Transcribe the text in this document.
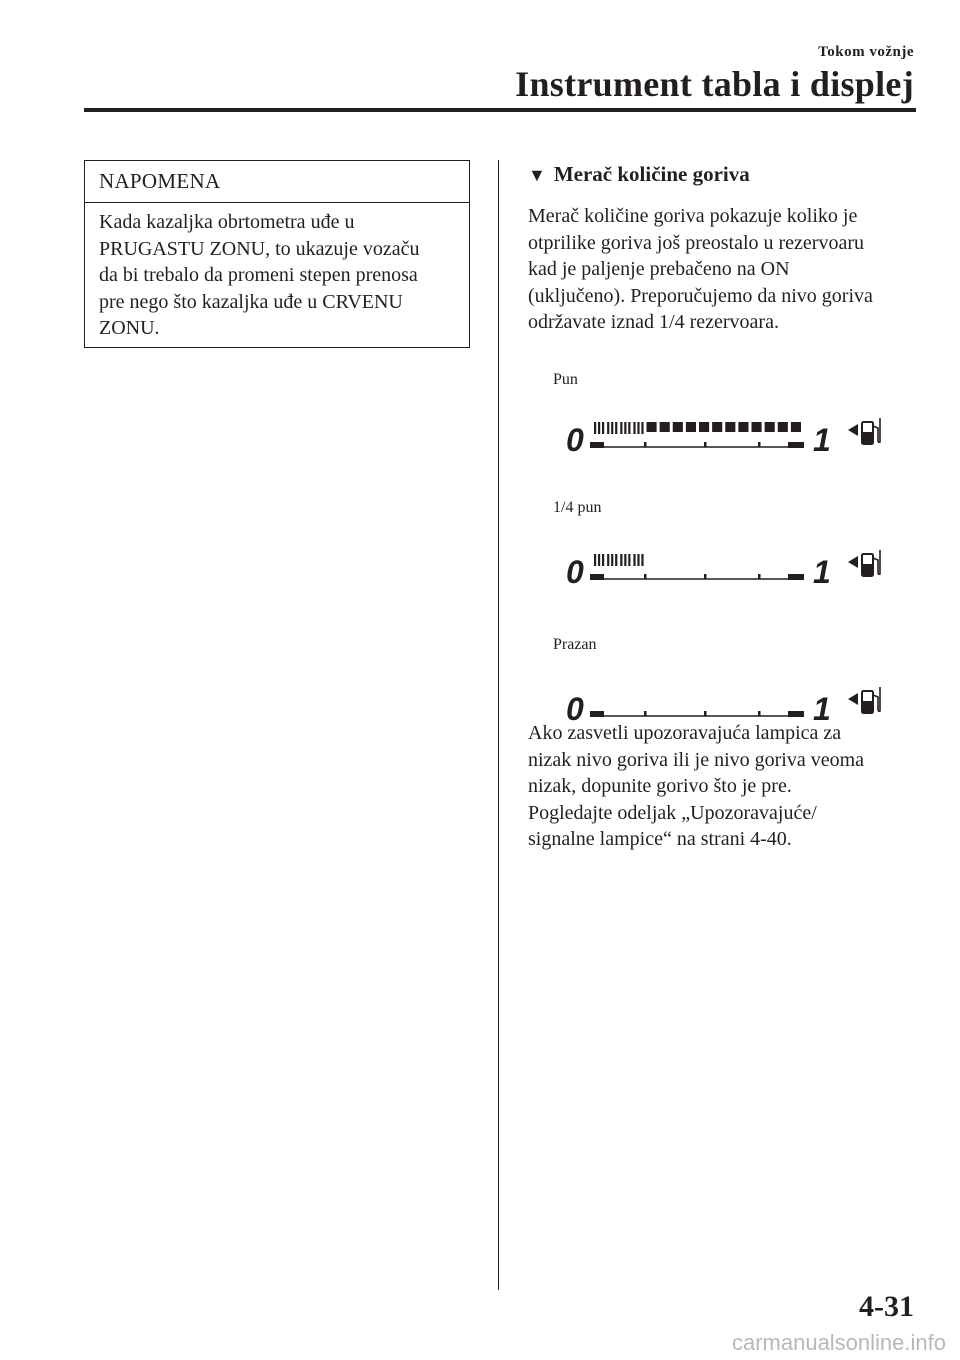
Tokom vožnje
Instrument tabla i displej
NAPOMENA
Kada kazaljka obrtometra uđe u
PRUGASTU ZONU, to ukazuje vozaču
da bi trebalo da promeni stepen prenosa
pre nego što kazaljka uđe u CRVENU
ZONU.
▼ Merač količine goriva
Merač količine goriva pokazuje koliko je
otprilike goriva još preostalo u rezervoaru
kad je paljenje prebačeno na ON
(uključeno). Preporučujemo da nivo goriva
održavate iznad 1/4 rezervoara.
Pun
0	1
1/4 pun
0	1
Prazan
0	1
Ako zasvetli upozoravajuća lampica za
nizak nivo goriva ili je nivo goriva veoma
nizak, dopunite gorivo što je pre.
Pogledajte odeljak „Upozoravajuće/
signalne lampice“ na strani 4-40.
4-31
carmanualsonline.info
